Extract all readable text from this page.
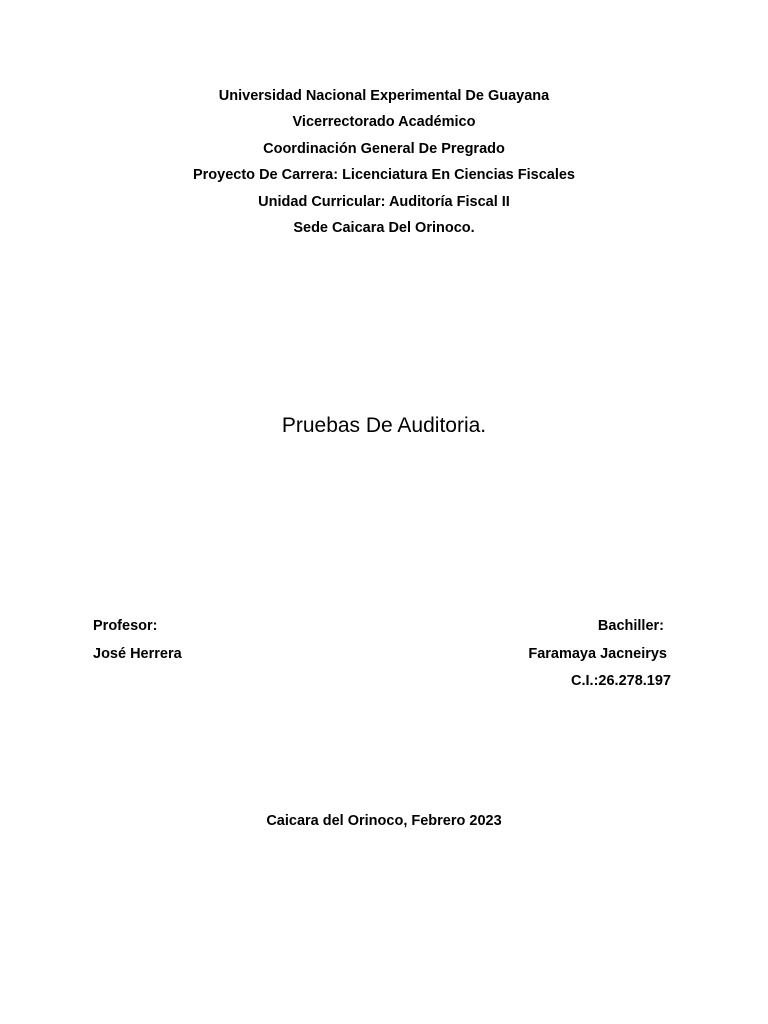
Universidad Nacional Experimental De Guayana
Vicerrectorado Académico
Coordinación General De Pregrado
Proyecto De Carrera: Licenciatura En Ciencias Fiscales
Unidad Curricular: Auditoría Fiscal II
Sede Caicara Del Orinoco.
Pruebas De Auditoria.
Profesor:
José Herrera
Bachiller:
Faramaya Jacneirys
C.I.:26.278.197
Caicara del Orinoco, Febrero 2023
